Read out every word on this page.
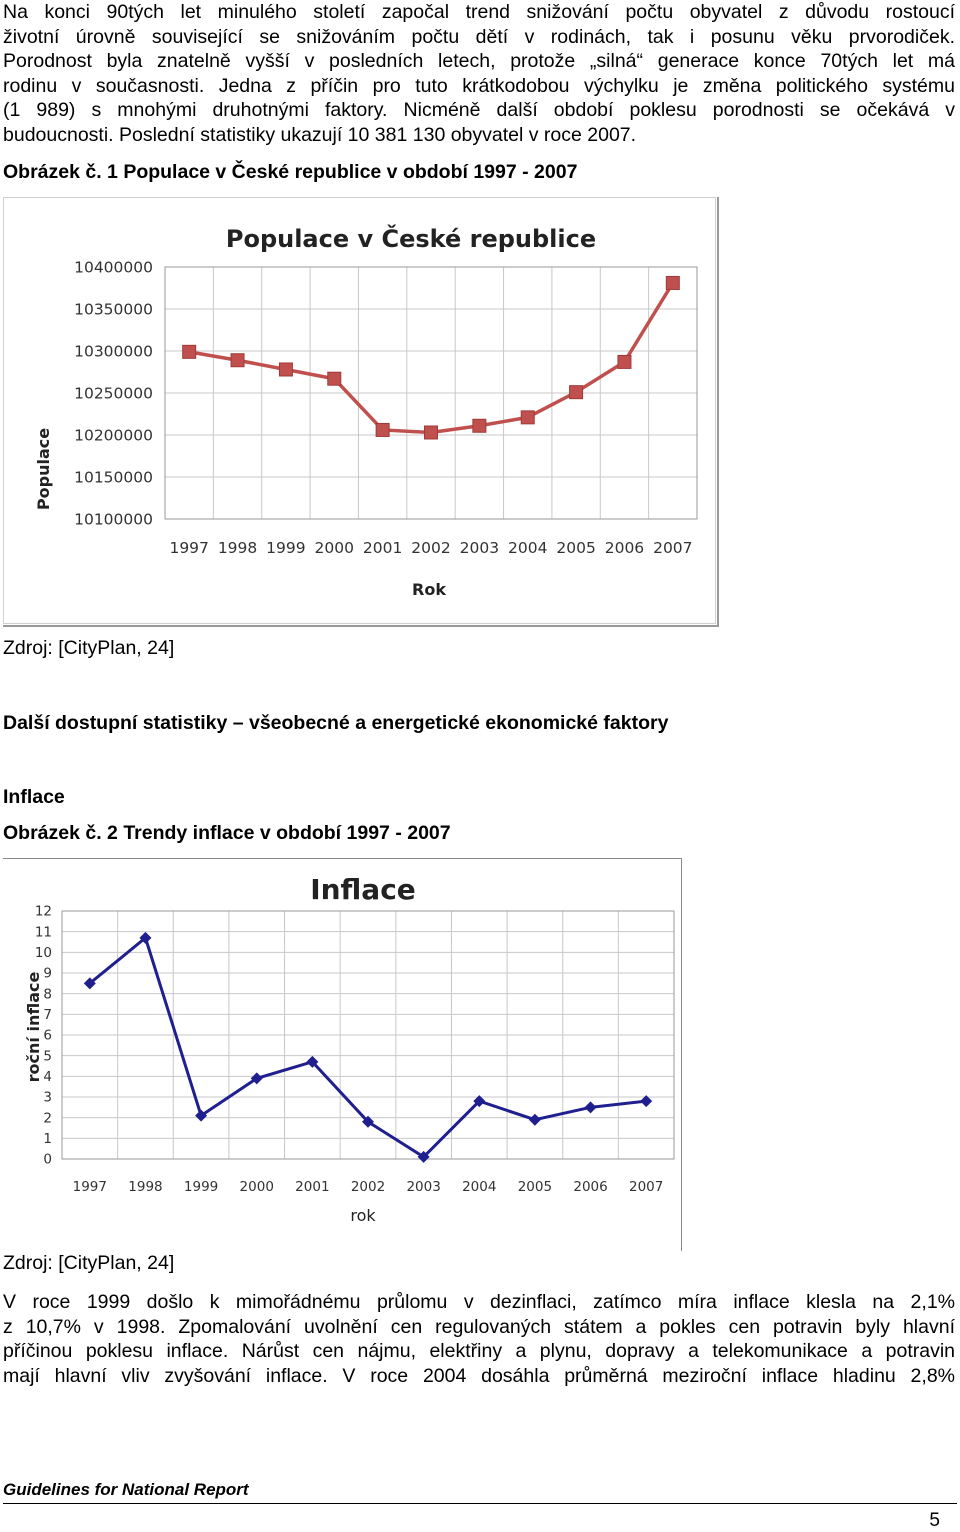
Na konci 90tých let minulého století započal trend snižování počtu obyvatel z důvodu rostoucí
životní úrovně související se snižováním počtu dětí v rodinách, tak i posunu věku prvorodiček.
Porodnost byla znatelně vyšší v posledních letech, protože „silná“ generace konce 70tých let má
rodinu v současnosti. Jedna z příčin pro tuto krátkodobou výchylku je změna politického systému
(1 989) s mnohými druhotnými faktory. Nicméně další období poklesu porodnosti se očekává v
budoucnosti. Poslední statistiky ukazují 10 381 130 obyvatel v roce 2007.
Obrázek č. 1 Populace v České republice v období 1997 - 2007
Populace v České republice
10400000
10350000
10300000
10250000
10200000
10150000
10100000
1997 1998 1999 2000 2001 2002 2003 2004 2005 2006 2007
Populace
Rok
Zdroj: [CityPlan, 24]
Další dostupní statistiky – všeobecné a energetické ekonomické faktory
Inflace
Obrázek č. 2 Trendy inflace v období 1997 - 2007
Inflace
12
11
10
9
8
7
6
5
4
3
2
1
0
1997 1998 1999 2000 2001 2002 2003 2004 2005 2006 2007
roční inflace
rok
Zdroj: [CityPlan, 24]
V roce 1999 došlo k mimořádnému průlomu v dezinflaci, zatímco míra inflace klesla na 2,1%
z 10,7% v 1998. Zpomalování uvolnění cen regulovaných státem a pokles cen potravin byly hlavní
příčinou poklesu inflace. Nárůst cen nájmu, elektřiny a plynu, dopravy a telekomunikace a potravin
mají hlavní vliv zvyšování inflace. V roce 2004 dosáhla průměrná meziroční inflace hladinu 2,8%
Guidelines for National Report
5
